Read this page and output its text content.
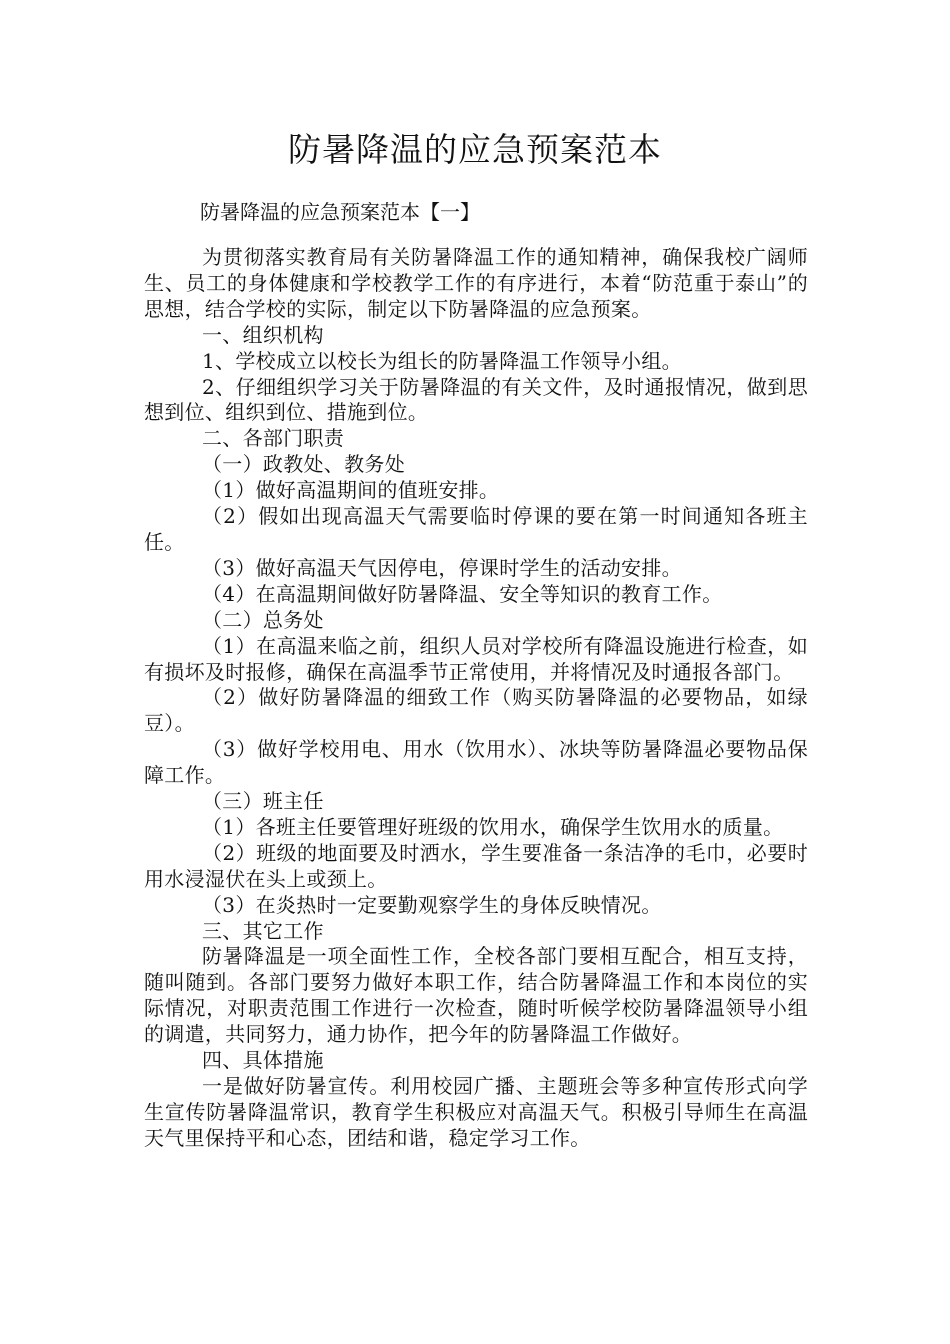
防暑降温的应急预案范本

防暑降温的应急预案范本【一】

为贯彻落实教育局有关防暑降温工作的通知精神，确保我校广阔师生、员工的身体健康和学校教学工作的有序进行，本着“防范重于泰山”的思想，结合学校的实际，制定以下防暑降温的应急预案。

一、组织机构

1、学校成立以校长为组长的防暑降温工作领导小组。

2、仔细组织学习关于防暑降温的有关文件，及时通报情况，做到思想到位、组织到位、措施到位。

二、各部门职责

（一）政教处、教务处

（1）做好高温期间的值班安排。

（2）假如出现高温天气需要临时停课的要在第一时间通知各班主任。

（3）做好高温天气因停电，停课时学生的活动安排。

（4）在高温期间做好防暑降温、安全等知识的教育工作。

（二）总务处

（1）在高温来临之前，组织人员对学校所有降温设施进行检查，如有损坏及时报修，确保在高温季节正常使用，并将情况及时通报各部门。

（2）做好防暑降温的细致工作（购买防暑降温的必要物品，如绿豆）。

（3）做好学校用电、用水（饮用水）、冰块等防暑降温必要物品保障工作。

（三）班主任

（1）各班主任要管理好班级的饮用水，确保学生饮用水的质量。

（2）班级的地面要及时洒水，学生要准备一条洁净的毛巾，必要时用水浸湿伏在头上或颈上。

（3）在炎热时一定要勤观察学生的身体反映情况。

三、其它工作

防暑降温是一项全面性工作，全校各部门要相互配合，相互支持，随叫随到。各部门要努力做好本职工作，结合防暑降温工作和本岗位的实际情况，对职责范围工作进行一次检查，随时听候学校防暑降温领导小组的调遣，共同努力，通力协作，把今年的防暑降温工作做好。

四、具体措施

一是做好防暑宣传。利用校园广播、主题班会等多种宣传形式向学生宣传防暑降温常识，教育学生积极应对高温天气。积极引导师生在高温天气里保持平和心态，团结和谐，稳定学习工作。
